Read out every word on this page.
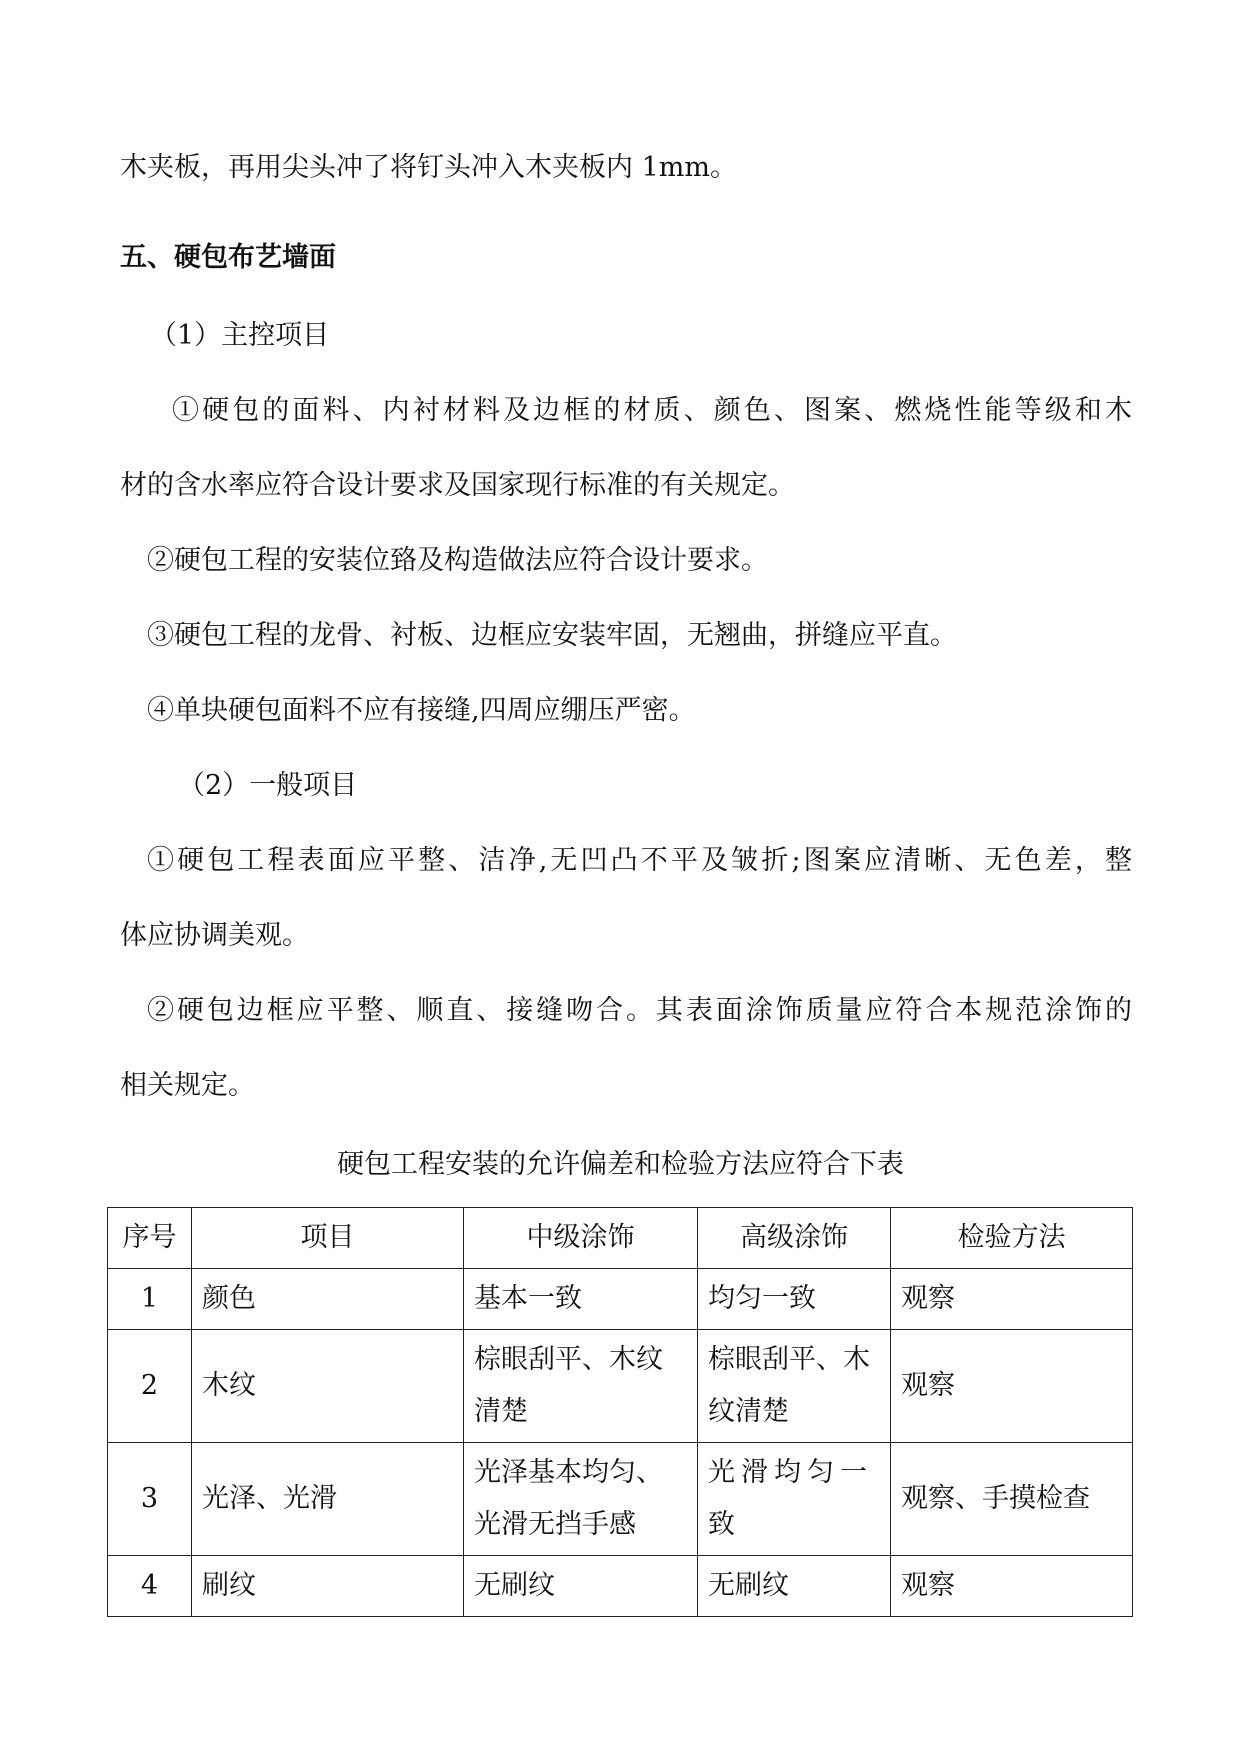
木夹板，再用尖头冲了将钉头冲入木夹板内 1mm。
五、硬包布艺墙面
（1）主控项目
①硬包的面料、内衬材料及边框的材质、颜色、图案、燃烧性能等级和木
材的含水率应符合设计要求及国家现行标准的有关规定。
②硬包工程的安装位臵及构造做法应符合设计要求。
③硬包工程的龙骨、衬板、边框应安装牢固，无翘曲，拼缝应平直。
④单块硬包面料不应有接缝,四周应绷压严密。
（2）一般项目
①硬包工程表面应平整、洁净,无凹凸不平及皱折;图案应清晰、无色差，整
体应协调美观。
②硬包边框应平整、顺直、接缝吻合。其表面涂饰质量应符合本规范涂饰的
相关规定。
硬包工程安装的允许偏差和检验方法应符合下表
序号	项目	中级涂饰	高级涂饰	检验方法
1	颜色	基本一致	均匀一致	观察
2	木纹	棕眼刮平、木纹清楚	棕眼刮平、木纹清楚	观察
3	光泽、光滑	光泽基本均匀、光滑无挡手感	光滑均匀一致	观察、手摸检查
4	刷纹	无刷纹	无刷纹	观察
